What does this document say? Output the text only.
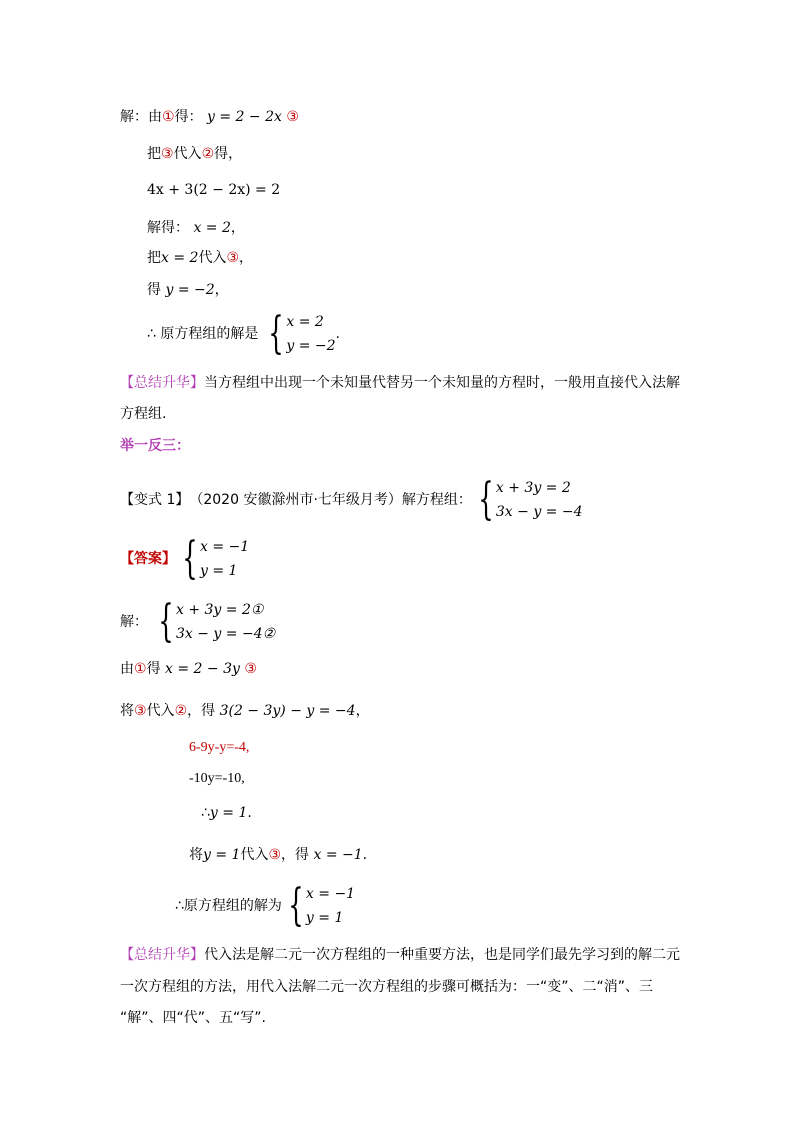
解：由①得： y = 2 − 2x ③
把③代入②得，
4x + 3(2 − 2x) = 2
解得： x = 2，
把x = 2代入③，
得 y = −2，
∴ 原方程组的解是 { x = 2
y = −2
.
【总结升华】当方程组中出现一个未知量代替另一个未知量的方程时，一般用直接代入法解
方程组.
举一反三：
【变式 1】 （2020 安徽滁州市·七年级月考）解方程组： { x + 3y = 2
3x − y = −4
【答案】 { x = −1
y = 1
解： { x + 3y = 2①
3x − y = −4②
由①得 x = 2 − 3y ③
将③代入②，得 3(2 − 3y) − y = −4，
6-9y-y=-4,
-10y=-10,
∴y = 1.
将y = 1代入③，得 x = −1.
∴原方程组的解为 { x = −1
y = 1
【总结升华】代入法是解二元一次方程组的一种重要方法，也是同学们最先学习到的解二元
一次方程组的方法，用代入法解二元一次方程组的步骤可概括为：一“变”、二“消”、三
“解”、四“代”、五“写”.
